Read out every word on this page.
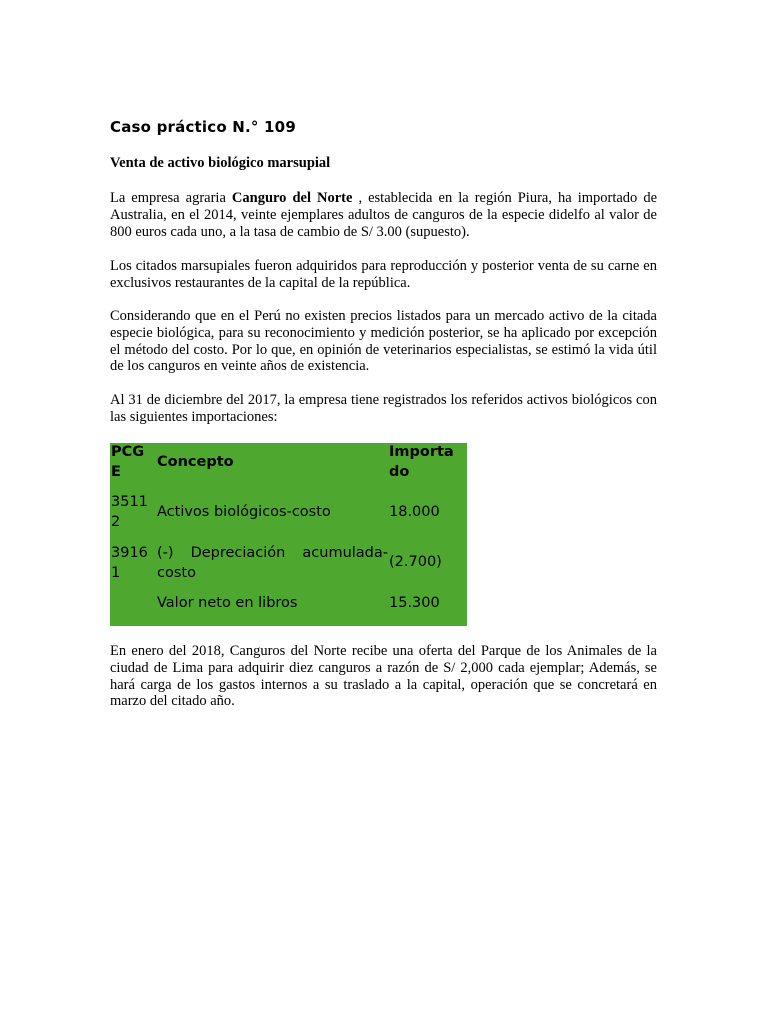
Caso práctico N.° 109
Venta de activo biológico marsupial

La empresa agraria Canguro del Norte , establecida en la región Piura, ha importado de Australia, en el 2014, veinte ejemplares adultos de canguros de la especie didelfo al valor de 800 euros cada uno, a la tasa de cambio de S/ 3.00 (supuesto).

Los citados marsupiales fueron adquiridos para reproducción y posterior venta de su carne en exclusivos restaurantes de la capital de la república.

Considerando que en el Perú no existen precios listados para un mercado activo de la citada especie biológica, para su reconocimiento y medición posterior, se ha aplicado por excepción el método del costo. Por lo que, en opinión de veterinarios especialistas, se estimó la vida útil de los canguros en veinte años de existencia.

Al 31 de diciembre del 2017, la empresa tiene registrados los referidos activos biológicos con las siguientes importaciones:

PCG
E
Concepto
Importa
do
3511
2
Activos biológicos-costo	18.000
3916
1
(-) Depreciación acumulada-
costo
(2.700)
Valor neto en libros	15.300

En enero del 2018, Canguros del Norte recibe una oferta del Parque de los Animales de la ciudad de Lima para adquirir diez canguros a razón de S/ 2,000 cada ejemplar; Además, se hará carga de los gastos internos a su traslado a la capital, operación que se concretará en marzo del citado año.
